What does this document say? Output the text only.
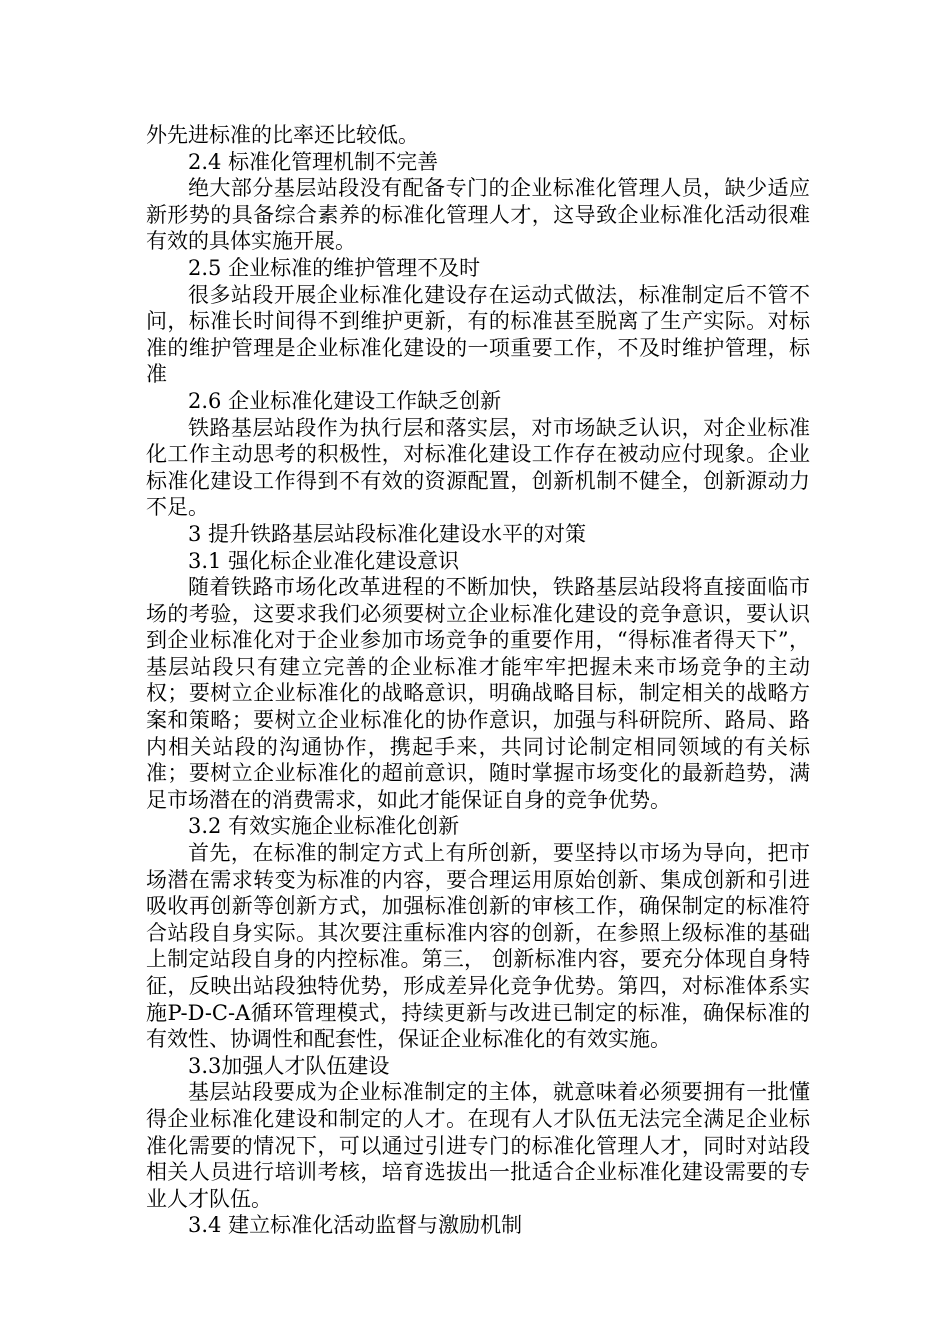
外先进标准的比率还比较低。

2.4 标准化管理机制不完善

绝大部分基层站段没有配备专门的企业标准化管理人员，缺少适应新形势的具备综合素养的标准化管理人才，这导致企业标准化活动很难有效的具体实施开展。

2.5 企业标准的维护管理不及时

很多站段开展企业标准化建设存在运动式做法，标准制定后不管不问，标准长时间得不到维护更新，有的标准甚至脱离了生产实际。对标准的维护管理是企业标准化建设的一项重要工作，不及时维护管理，标准

2.6 企业标准化建设工作缺乏创新

铁路基层站段作为执行层和落实层，对市场缺乏认识，对企业标准化工作主动思考的积极性，对标准化建设工作存在被动应付现象。企业标准化建设工作得到不有效的资源配置，创新机制不健全，创新源动力不足。

3 提升铁路基层站段标准化建设水平的对策

3.1 强化标企业准化建设意识

随着铁路市场化改革进程的不断加快，铁路基层站段将直接面临市场的考验，这要求我们必须要树立企业标准化建设的竞争意识，要认识到企业标准化对于企业参加市场竞争的重要作用，“得标准者得天下”，基层站段只有建立完善的企业标准才能牢牢把握未来市场竞争的主动权；要树立企业标准化的战略意识，明确战略目标，制定相关的战略方案和策略；要树立企业标准化的协作意识，加强与科研院所、路局、路内相关站段的沟通协作，携起手来，共同讨论制定相同领域的有关标准；要树立企业标准化的超前意识，随时掌握市场变化的最新趋势，满足市场潜在的消费需求，如此才能保证自身的竞争优势。

3.2 有效实施企业标准化创新

首先，在标准的制定方式上有所创新，要坚持以市场为导向，把市场潜在需求转变为标准的内容，要合理运用原始创新、集成创新和引进吸收再创新等创新方式，加强标准创新的审核工作，确保制定的标准符合站段自身实际。其次要注重标准内容的创新，在参照上级标准的基础上制定站段自身的内控标准。第三， 创新标准内容，要充分体现自身特征，反映出站段独特优势，形成差异化竞争优势。第四，对标准体系实施P-D-C-A循环管理模式，持续更新与改进已制定的标准，确保标准的有效性、协调性和配套性，保证企业标准化的有效实施。

3.3加强人才队伍建设

基层站段要成为企业标准制定的主体，就意味着必须要拥有一批懂得企业标准化建设和制定的人才。在现有人才队伍无法完全满足企业标准化需要的情况下，可以通过引进专门的标准化管理人才，同时对站段相关人员进行培训考核，培育选拔出一批适合企业标准化建设需要的专业人才队伍。

3.4 建立标准化活动监督与激励机制
